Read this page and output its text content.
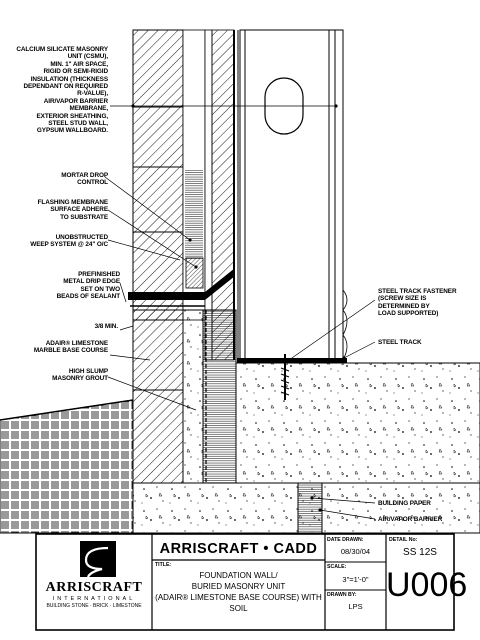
CALCIUM SILICATE MASONRY
UNIT (CSMU),
MIN. 1" AIR SPACE,
RIGID OR SEMI-RIGID
INSULATION (THICKNESS
DEPENDANT ON REQUIRED
R-VALUE),
AIR/VAPOR BARRIER
MEMBRANE,
EXTERIOR SHEATHING,
STEEL STUD WALL,
GYPSUM WALLBOARD.
MORTAR DROP
CONTROL
FLASHING MEMBRANE
SURFACE ADHERE
TO SUBSTRATE
UNOBSTRUCTED
WEEP SYSTEM @ 24" O/C
PREFINISHED
METAL DRIP EDGE
SET ON TWO
BEADS OF SEALANT
3/8 MIN.
ADAIR® LIMESTONE
MARBLE BASE COURSE
HIGH SLUMP
MASONRY GROUT
STEEL TRACK FASTENER
(SCREW SIZE IS
DETERMINED BY
LOAD SUPPORTED)
STEEL TRACK
BUILDING PAPER
AIR/VAPOR BARRIER
ARRISCRAFT
INTERNATIONAL
BUILDING STONE · BRICK · LIMESTONE
ARRISCRAFT • CADD
TITLE:
FOUNDATION WALL/
BURIED MASONRY UNIT
(ADAIR® LIMESTONE BASE COURSE) WITH SOIL
DATE DRAWN:
08/30/04
SCALE:
3"=1'-0"
DRAWN BY:
LPS
DETAIL No:
SS 12S
U006
